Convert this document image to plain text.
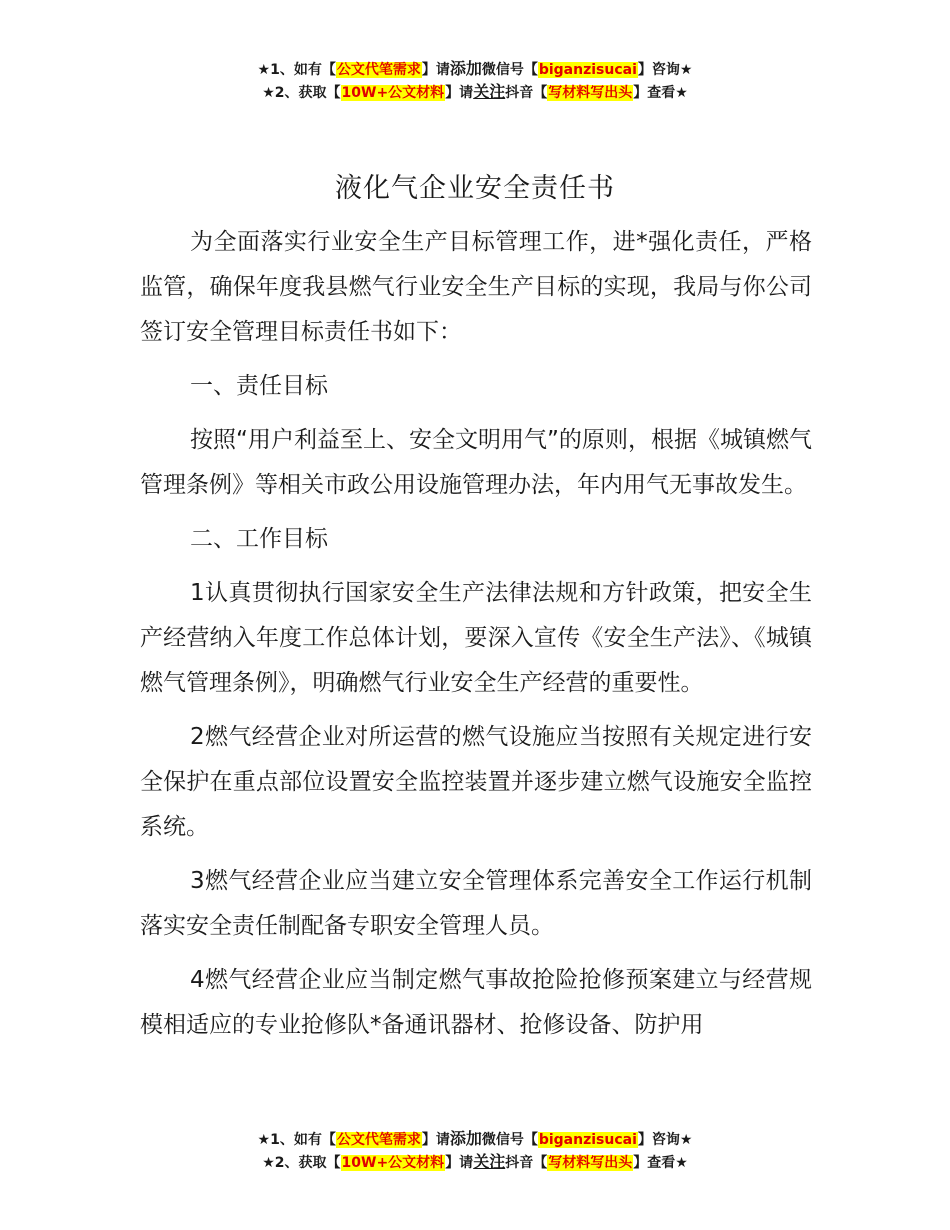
★1、如有【公文代笔需求】请添加微信号【biganzisucai】咨询★
★2、获取【10W+公文材料】请关注抖音【写材料写出头】查看★
液化气企业安全责任书

为全面落实行业安全生产目标管理工作，进*强化责任，严格监管，确保年度我县燃气行业安全生产目标的实现，我局与你公司签订安全管理目标责任书如下：

一、责任目标

按照“用户利益至上、安全文明用气”的原则，根据《城镇燃气管理条例》等相关市政公用设施管理办法，年内用气无事故发生。

二、工作目标

1认真贯彻执行国家安全生产法律法规和方针政策，把安全生产经营纳入年度工作总体计划，要深入宣传《安全生产法》、《城镇燃气管理条例》，明确燃气行业安全生产经营的重要性。

2燃气经营企业对所运营的燃气设施应当按照有关规定进行安全保护在重点部位设置安全监控装置并逐步建立燃气设施安全监控系统。

3燃气经营企业应当建立安全管理体系完善安全工作运行机制落实安全责任制配备专职安全管理人员。

4燃气经营企业应当制定燃气事故抢险抢修预案建立与经营规模相适应的专业抢修队*备通讯器材、抢修设备、防护用

★1、如有【公文代笔需求】请添加微信号【biganzisucai】咨询★
★2、获取【10W+公文材料】请关注抖音【写材料写出头】查看★
